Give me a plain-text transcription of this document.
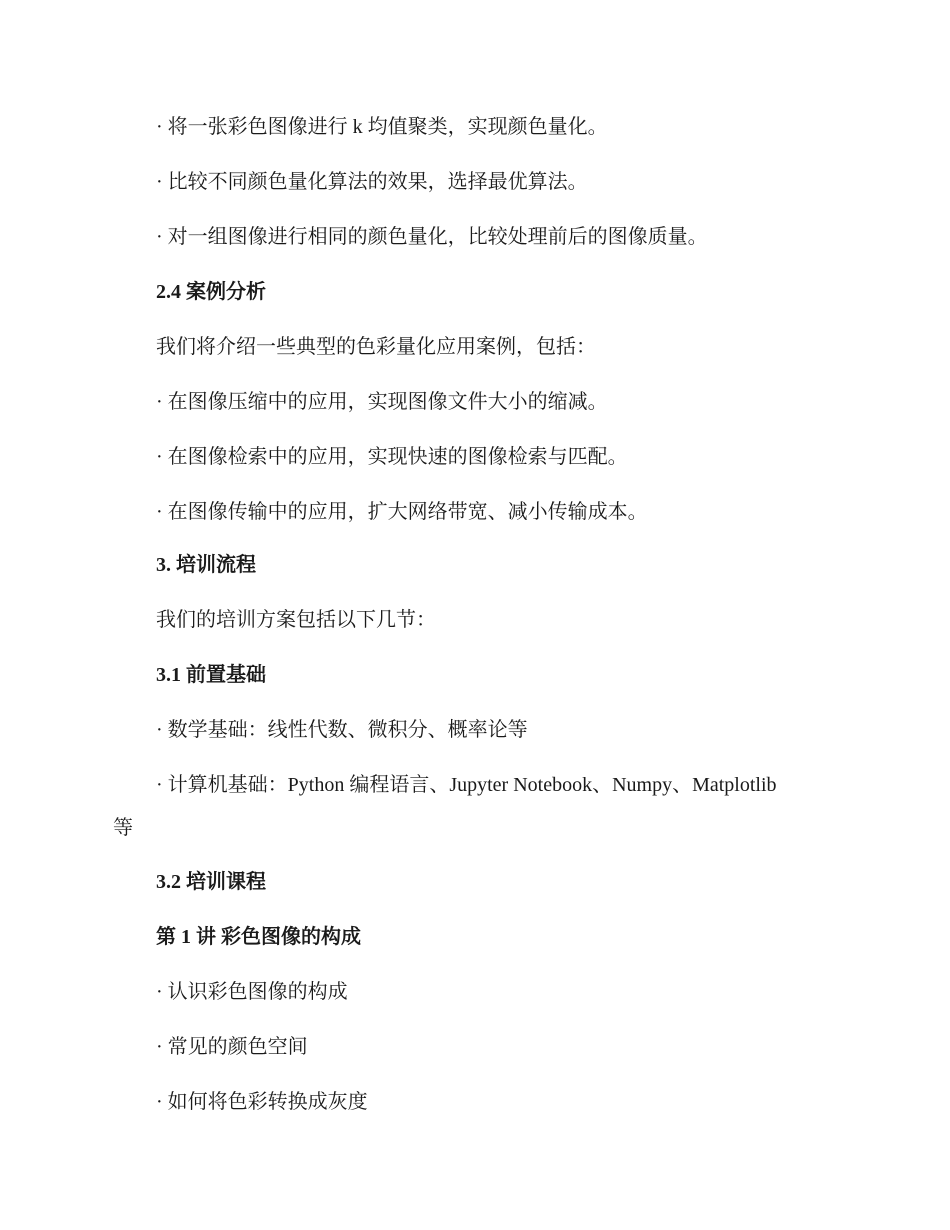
· 将一张彩色图像进行 k 均值聚类，实现颜色量化。
· 比较不同颜色量化算法的效果，选择最优算法。
· 对一组图像进行相同的颜色量化，比较处理前后的图像质量。
2.4 案例分析
我们将介绍一些典型的色彩量化应用案例，包括：
· 在图像压缩中的应用，实现图像文件大小的缩减。
· 在图像检索中的应用，实现快速的图像检索与匹配。
· 在图像传输中的应用，扩大网络带宽、减小传输成本。
3. 培训流程
我们的培训方案包括以下几节：
3.1 前置基础
· 数学基础：线性代数、微积分、概率论等
· 计算机基础：Python 编程语言、Jupyter Notebook、Numpy、Matplotlib
等
3.2 培训课程
第 1 讲 彩色图像的构成
· 认识彩色图像的构成
· 常见的颜色空间
· 如何将色彩转换成灰度
